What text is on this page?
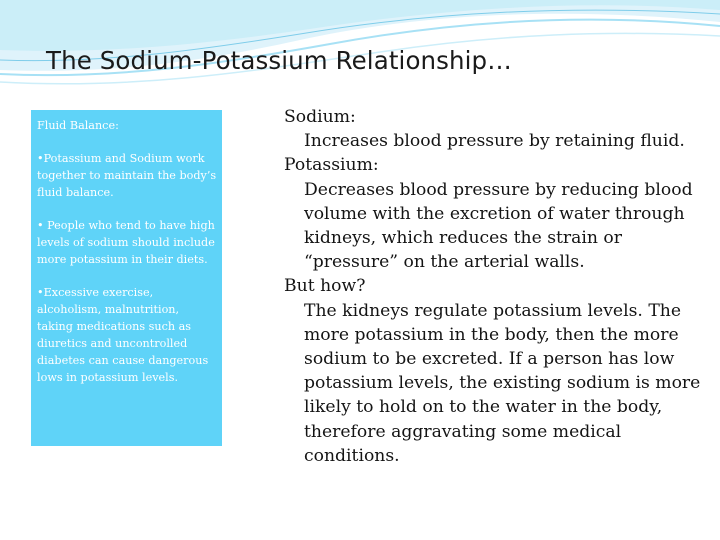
The Sodium-Potassium Relationship…

Fluid Balance:

•Potassium and Sodium work together to maintain the body’s fluid balance.

• People who tend to have high levels of sodium should include more potassium in their diets.

•Excessive exercise, alcoholism, malnutrition, taking medications such as diuretics and uncontrolled diabetes can cause dangerous lows in potassium levels.

Sodium:

Increases blood pressure by retaining fluid.

Potassium:

Decreases blood pressure by reducing blood volume with the excretion of water through kidneys, which reduces the strain or “pressure” on the arterial walls.

But how?

The kidneys regulate potassium levels. The more potassium in the body, then the more sodium to be excreted. If a person has low potassium levels, the existing sodium is more likely to hold on to the water in the body, therefore aggravating some medical conditions.
